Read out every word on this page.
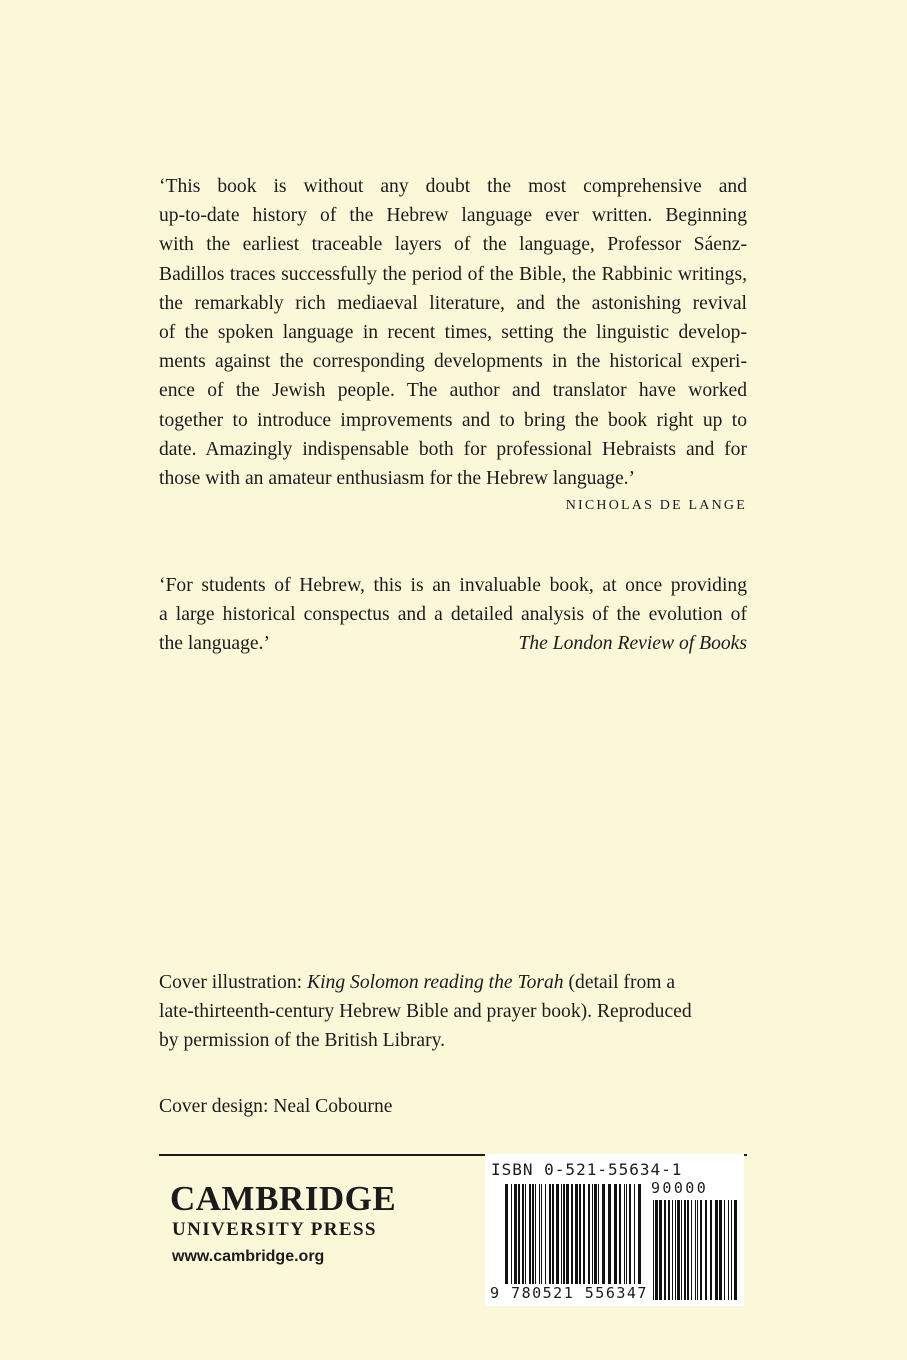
‘This book is without any doubt the most comprehensive and
up-to-date history of the Hebrew language ever written. Beginning
with the earliest traceable layers of the language, Professor Sáenz-
Badillos traces successfully the period of the Bible, the Rabbinic writings,
the remarkably rich mediaeval literature, and the astonishing revival
of the spoken language in recent times, setting the linguistic develop-
ments against the corresponding developments in the historical experi-
ence of the Jewish people. The author and translator have worked
together to introduce improvements and to bring the book right up to
date. Amazingly indispensable both for professional Hebraists and for
those with an amateur enthusiasm for the Hebrew language.’
NICHOLAS DE LANGE
‘For students of Hebrew, this is an invaluable book, at once providing
a large historical conspectus and a detailed analysis of the evolution of
the language.’	The London Review of Books
Cover illustration: King Solomon reading the Torah (detail from a
late-thirteenth-century Hebrew Bible and prayer book). Reproduced
by permission of the British Library.
Cover design: Neal Cobourne
CAMBRIDGE
UNIVERSITY PRESS
www.cambridge.org
ISBN 0-521-55634-1
90000
9 780521 556347
